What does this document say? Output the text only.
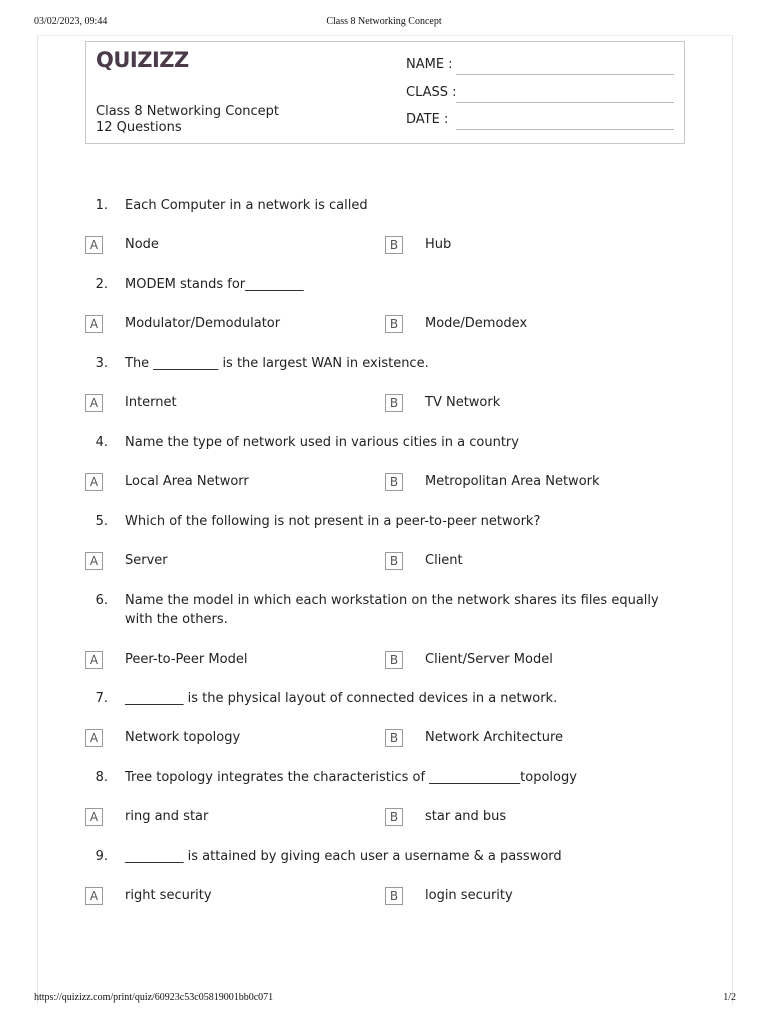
03/02/2023, 09:44	Class 8 Networking Concept
QUIZIZZ
Class 8 Networking Concept
12 Questions
NAME :
CLASS :
DATE :
1. Each Computer in a network is called
A	Node	B	Hub
2. MODEM stands for_________
A	Modulator/Demodulator	B	Mode/Demodex
3. The __________ is the largest WAN in existence.
A	Internet	B	TV Network
4. Name the type of network used in various cities in a country
A	Local Area Networr	B	Metropolitan Area Network
5. Which of the following is not present in a peer-to-peer network?
A	Server	B	Client
6. Name the model in which each workstation on the network shares its files equally with the others.
A	Peer-to-Peer Model	B	Client/Server Model
7. _________ is the physical layout of connected devices in a network.
A	Network topology	B	Network Architecture
8. Tree topology integrates the characteristics of ______________topology
A	ring and star	B	star and bus
9. _________ is attained by giving each user a username & a password
A	right security	B	login security
https://quizizz.com/print/quiz/60923c53c05819001bb0c071	1/2
